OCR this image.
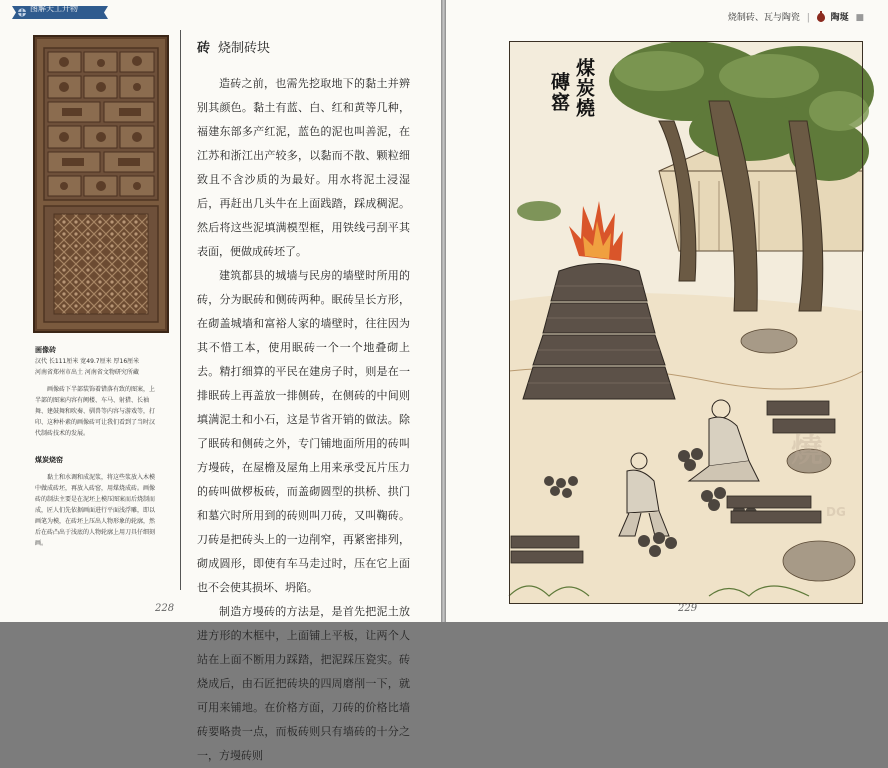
图解天工开物
画像砖
汉代 长111厘米 宽49.7厘米 厚16厘米
河南省郑州市出土 河南省文物研究所藏
画像砖下半部装饰着错落有致的图案，上半部的图案内容有阙楼、车马、射猎、长袖舞、建鼓舞和吹奏、驯兽等内容与游戏等，打印、这种朴素的画像砖可让我们看到了当时汉代制砖技术的发展。
煤炭烧窑
黏土和水调和成泥浆，将这些浆放入木模中做成砖坯，再放入砖窑，用煤烧成砖。画像砖的制法主要是在泥坯上模压图案而后烧制而成，匠人们先依据画面进行平面浅浮雕，即以画笔为模，在砖坯上压出人物形象的轮廓，然后在砖凸出于浅底的人物轮廓上用刀具仔细刻画。
砖 烧制砖块

造砖之前，也需先挖取地下的黏土并辨别其颜色。黏土有蓝、白、红和黄等几种，福建东部多产红泥，蓝色的泥也叫善泥，在江苏和浙江出产较多，以黏而不散、颗粒细致且不含沙质的为最好。用水将泥土浸湿后，再赶出几头牛在上面践踏，踩成稠泥。然后将这些泥填满模型框，用铁线弓刮平其表面，便做成砖坯了。

建筑都县的城墙与民房的墙壁时所用的砖，分为眠砖和侧砖两种。眠砖呈长方形，在砌盖城墙和富裕人家的墙壁时，往往因为其不惜工本，使用眠砖一个一个地叠砌上去。精打细算的平民在建房子时，则是在一排眠砖上再盖放一排侧砖，在侧砖的中间则填满泥土和小石，这是节省开销的做法。除了眠砖和侧砖之外，专门铺地面所用的砖叫方墁砖，在屋檐及屋角上用来承受瓦片压力的砖叫做椤板砖，而盖砌圆型的拱桥、拱门和墓穴时所用到的砖则叫刀砖，又叫鞠砖。刀砖是把砖头上的一边削窄，再紧密排列，砌成圆形，即使有车马走过时，压在它上面也不会使其损坏、坍陷。

制造方墁砖的方法是，是首先把泥土放进方形的木框中，上面铺上平板，让两个人站在上面不断用力踩踏，把泥踩压瓷实。砖烧成后，由石匠把砖块的四周磨削一下，就可用来铺地。在价格方面，刀砖的价格比墙砖要略贵一点，而板砖则只有墙砖的十分之一，方墁砖则

228
烧制砖、瓦与陶瓷 | 陶埏 ■
煤炭燒
磚窰
燒
DG
229
